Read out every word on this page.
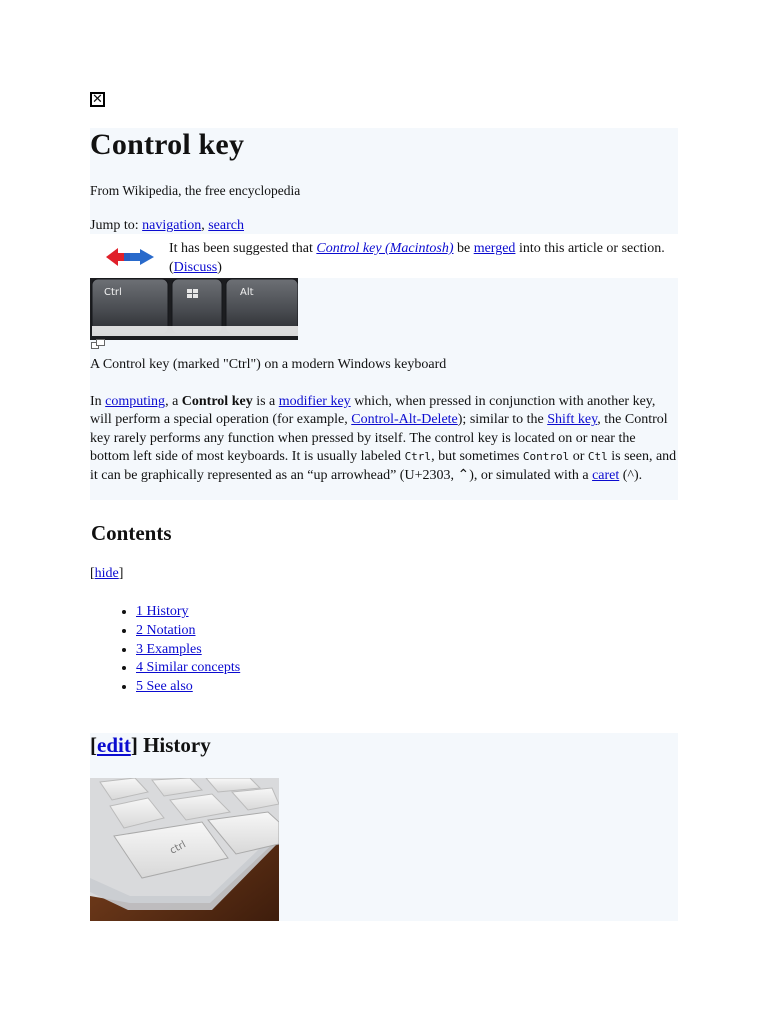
✕
Control key
From Wikipedia, the free encyclopedia
Jump to: navigation, search
It has been suggested that Control key (Macintosh) be merged into this article or section. (Discuss)
Ctrl	Alt
A Control key (marked "Ctrl") on a modern Windows keyboard
In computing, a Control key is a modifier key which, when pressed in conjunction with another key, will perform a special operation (for example, Control-Alt-Delete); similar to the Shift key, the Control key rarely performs any function when pressed by itself. The control key is located on or near the bottom left side of most keyboards. It is usually labeled Ctrl, but sometimes Control or Ctl is seen, and it can be graphically represented as an “up arrowhead” (U+2303, ⌃), or simulated with a caret (^).
Contents
[hide]
• 1 History
• 2 Notation
• 3 Examples
• 4 Similar concepts
• 5 See also
[edit] History
ctrl
